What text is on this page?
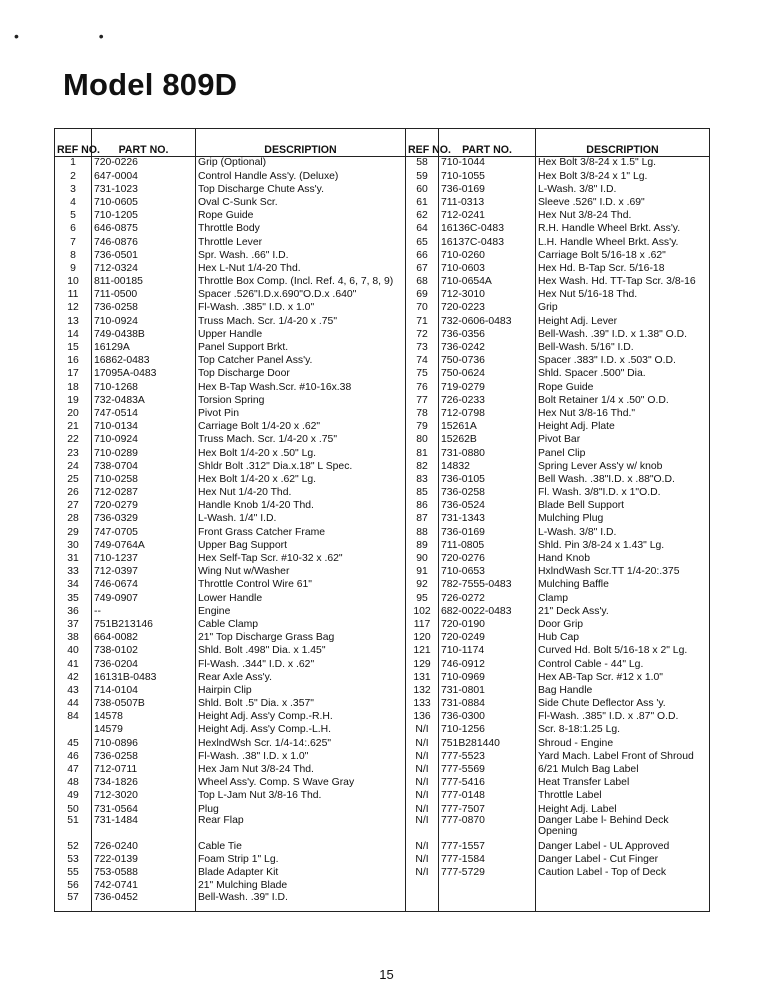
• •
Model 809D
REF NO.	PART NO.	DESCRIPTION	REF NO.	PART NO.	DESCRIPTION
1	720-0226	Grip (Optional)	58	710-1044	Hex Bolt 3/8-24 x 1.5" Lg.
2	647-0004	Control Handle Ass'y. (Deluxe)	59	710-1055	Hex Bolt 3/8-24 x 1" Lg.
3	731-1023	Top Discharge Chute Ass'y.	60	736-0169	L-Wash. 3/8" I.D.
4	710-0605	Oval C-Sunk Scr.	61	711-0313	Sleeve .526" I.D. x .69"
5	710-1205	Rope Guide	62	712-0241	Hex Nut 3/8-24 Thd.
6	646-0875	Throttle Body	64	16136C-0483	R.H. Handle Wheel Brkt. Ass'y.
7	746-0876	Throttle Lever	65	16137C-0483	L.H. Handle Wheel Brkt. Ass'y.
8	736-0501	Spr. Wash. .66" I.D.	66	710-0260	Carriage Bolt 5/16-18 x .62"
9	712-0324	Hex L-Nut 1/4-20 Thd.	67	710-0603	Hex Hd. B-Tap Scr. 5/16-18
10	811-00185	Throttle Box Comp. (Incl. Ref. 4, 6, 7, 8, 9)	68	710-0654A	Hex Wash. Hd. TT-Tap Scr. 3/8-16
11	711-0500	Spacer .526"I.D.x.690"O.D.x .640"	69	712-3010	Hex Nut 5/16-18 Thd.
12	736-0258	Fl-Wash. .385" I.D. x 1.0"	70	720-0223	Grip
13	710-0924	Truss Mach. Scr. 1/4-20 x .75"	71	732-0606-0483	Height Adj. Lever
14	749-0438B	Upper Handle	72	736-0356	Bell-Wash. .39" I.D. x 1.38" O.D.
15	16129A	Panel Support Brkt.	73	736-0242	Bell-Wash. 5/16" I.D.
16	16862-0483	Top Catcher Panel Ass'y.	74	750-0736	Spacer .383" I.D. x .503" O.D.
17	17095A-0483	Top Discharge Door	75	750-0624	Shld. Spacer .500" Dia.
18	710-1268	Hex B-Tap Wash.Scr. #10-16x.38	76	719-0279	Rope Guide
19	732-0483A	Torsion Spring	77	726-0233	Bolt Retainer 1/4 x .50" O.D.
20	747-0514	Pivot Pin	78	712-0798	Hex Nut 3/8-16 Thd."
21	710-0134	Carriage Bolt 1/4-20 x .62"	79	15261A	Height Adj. Plate
22	710-0924	Truss Mach. Scr. 1/4-20 x .75"	80	15262B	Pivot Bar
23	710-0289	Hex Bolt 1/4-20 x .50" Lg.	81	731-0880	Panel Clip
24	738-0704	Shldr Bolt .312" Dia.x.18" L Spec.	82	14832	Spring Lever Ass'y w/ knob
25	710-0258	Hex Bolt 1/4-20 x .62" Lg.	83	736-0105	Bell Wash. .38"I.D. x .88"O.D.
26	712-0287	Hex Nut 1/4-20 Thd.	85	736-0258	Fl. Wash. 3/8"I.D. x 1"O.D.
27	720-0279	Handle Knob 1/4-20 Thd.	86	736-0524	Blade Bell Support
28	736-0329	L-Wash. 1/4" I.D.	87	731-1343	Mulching Plug
29	747-0705	Front Grass Catcher Frame	88	736-0169	L-Wash. 3/8" I.D.
30	749-0764A	Upper Bag Support	89	711-0805	Shld. Pin 3/8-24 x 1.43" Lg.
31	710-1237	Hex Self-Tap Scr. #10-32 x .62"	90	720-0276	Hand Knob
33	712-0397	Wing Nut w/Washer	91	710-0653	HxlndWash Scr.TT 1/4-20:.375
34	746-0674	Throttle Control Wire 61"	92	782-7555-0483	Mulching Baffle
35	749-0907	Lower Handle	95	726-0272	Clamp
36	--	Engine	102	682-0022-0483	21" Deck Ass'y.
37	751B213146	Cable Clamp	117	720-0190	Door Grip
38	664-0082	21" Top Discharge Grass Bag	120	720-0249	Hub Cap
40	738-0102	Shld. Bolt .498" Dia. x 1.45"	121	710-1174	Curved Hd. Bolt 5/16-18 x 2" Lg.
41	736-0204	Fl-Wash. .344" I.D. x .62"	129	746-0912	Control Cable - 44" Lg.
42	16131B-0483	Rear Axle Ass'y.	131	710-0969	Hex AB-Tap Scr. #12 x 1.0"
43	714-0104	Hairpin Clip	132	731-0801	Bag Handle
44	738-0507B	Shld. Bolt .5" Dia. x .357"	133	731-0884	Side Chute Deflector Ass 'y.
84	14578	Height Adj. Ass'y Comp.-R.H.	136	736-0300	Fl-Wash. .385" I.D. x .87" O.D.
	14579	Height Adj. Ass'y Comp.-L.H.	N/I	710-1256	Scr. 8-18:1.25 Lg.
45	710-0896	HexlndWsh Scr. 1/4-14:.625"	N/I	751B281440	Shroud - Engine
46	736-0258	Fl-Wash. .38" I.D. x 1.0"	N/I	777-5523	Yard Mach. Label Front of Shroud
47	712-0711	Hex Jam Nut 3/8-24 Thd.	N/I	777-5569	6/21 Mulch Bag Label
48	734-1826	Wheel Ass'y. Comp. S Wave Gray	N/I	777-5416	Heat Transfer Label
49	712-3020	Top L-Jam Nut 3/8-16 Thd.	N/I	777-0148	Throttle Label
50	731-0564	Plug	N/I	777-7507	Height Adj. Label
51	731-1484	Rear Flap	N/I	777-0870	Danger Labe l- Behind Deck Opening
52	726-0240	Cable Tie	N/I	777-1557	Danger Label - UL Approved
53	722-0139	Foam Strip 1" Lg.	N/I	777-1584	Danger Label - Cut Finger
55	753-0588	Blade Adapter Kit	N/I	777-5729	Caution Label - Top of Deck
56	742-0741	21" Mulching Blade			
57	736-0452	Bell-Wash. .39" I.D.			
15
